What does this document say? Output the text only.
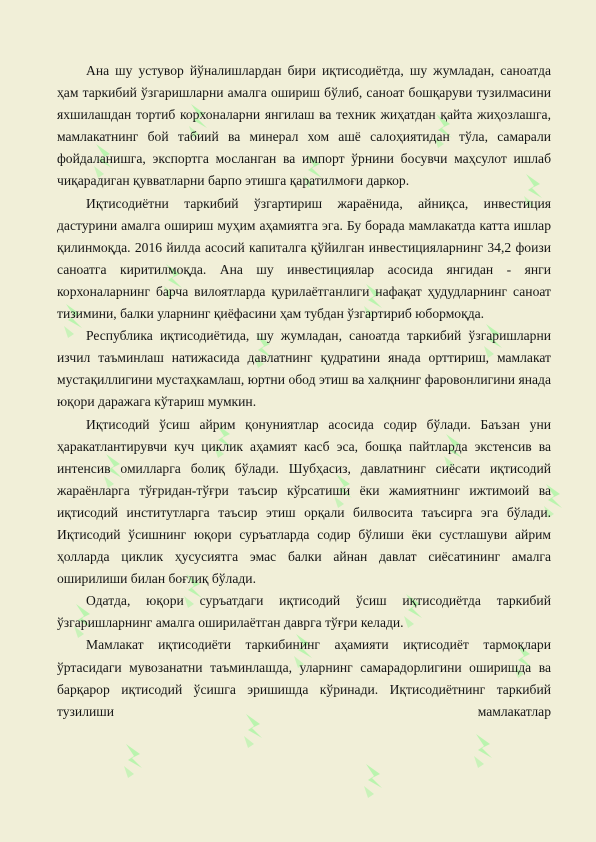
Ана шу устувор йўналишлардан бири иқтисодиётда, шу жумладан, саноатда ҳам таркибий ўзгаришларни амалга ошириш бўлиб, саноат бошқаруви тузилмасини яхшилашдан тортиб корхоналарни янгилаш ва техник жиҳатдан қайта жиҳозлашга, мамлакатнинг бой табиий ва минерал хом ашё салоҳиятидан тўла, самарали фойдаланишга, экспортга мосланган ва импорт ўрнини босувчи маҳсулот ишлаб чиқарадиган қувватларни барпо этишга қаратилмоғи даркор.

Иқтисодиётни таркибий ўзгартириш жараёнида, айниқса, инвестиция дастурини амалга ошириш муҳим аҳамиятга эга. Бу борада мамлакатда катта ишлар қилинмоқда. 2016 йилда асосий капиталга қўйилган инвестицияларнинг 34,2 фоизи саноатга киритилмоқда. Ана шу инвестициялар асосида янгидан - янги корхоналарнинг барча вилоятларда қурилаётганлиги нафақат ҳудудларнинг саноат тизимини, балки уларнинг қиёфасини ҳам тубдан ўзгартириб юбормоқда.

Республика иқтисодиётида, шу жумладан, саноатда таркибий ўзгаришларни изчил таъминлаш натижасида давлатнинг қудратини янада орттириш, мамлакат мустақиллигини мустаҳкамлаш, юртни обод этиш ва халқнинг фаровонлигини янада юқори даражага кўтариш мумкин.

Иқтисодий ўсиш айрим қонуниятлар асосида содир бўлади. Баъзан уни ҳаракатлантирувчи куч циклик аҳамият касб эса, бошқа пайтларда экстенсив ва интенсив омилларга болиқ бўлади. Шубҳасиз, давлатнинг сиёсати иқтисодий жараёнларга тўғридан-тўғри таъсир кўрсатиши ёки жамиятнинг ижтимоий ва иқтисодий институтларга таъсир этиш орқали билвосита таъсирга эга бўлади. Иқтисодий ўсишнинг юқори суръатларда содир бўлиши ёки сустлашуви айрим ҳолларда циклик ҳусусиятга эмас балки айнан давлат сиёсатининг амалга оширилиши билан боғлиқ бўлади.

Одатда, юқори суръатдаги иқтисодий ўсиш иқтисодиётда таркибий ўзгаришларнинг амалга оширилаётган даврга тўғри келади.

Мамлакат иқтисодиёти таркибининг аҳамияти иқтисодиёт тармоқлари ўртасидаги мувозанатни таъминлашда, уларнинг самарадорлигини оширишда ва барқарор иқтисодий ўсишга эришишда кўринади. Иқтисодиётнинг таркибий тузилиши мамлакатлар
